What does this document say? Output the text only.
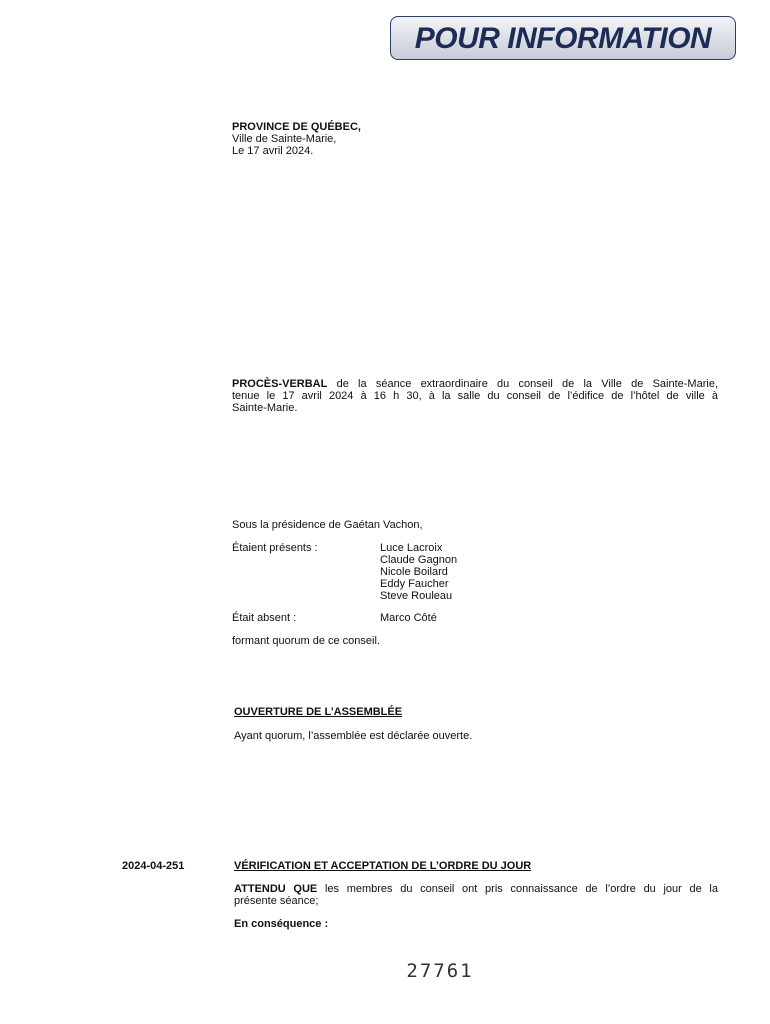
POUR INFORMATION
PROVINCE DE QUÉBEC,
Ville de Sainte-Marie,
Le 17 avril 2024.
PROCÈS-VERBAL de la séance extraordinaire du conseil de la Ville de Sainte-Marie,
tenue le 17 avril 2024 à 16 h 30, à la salle du conseil de l’édifice de l’hôtel de ville à
Sainte-Marie.
Sous la présidence de Gaétan Vachon,
Étaient présents :	Luce Lacroix
Claude Gagnon
Nicole Boilard
Eddy Faucher
Steve Rouleau
Était absent :	Marco Côté
formant quorum de ce conseil.
OUVERTURE DE L’ASSEMBLÉE
Ayant quorum, l’assemblée est déclarée ouverte.
2024-04-251	VÉRIFICATION ET ACCEPTATION DE L’ORDRE DU JOUR
ATTENDU QUE les membres du conseil ont pris connaissance de l’ordre du jour de la
présente séance;
En conséquence :
27761
